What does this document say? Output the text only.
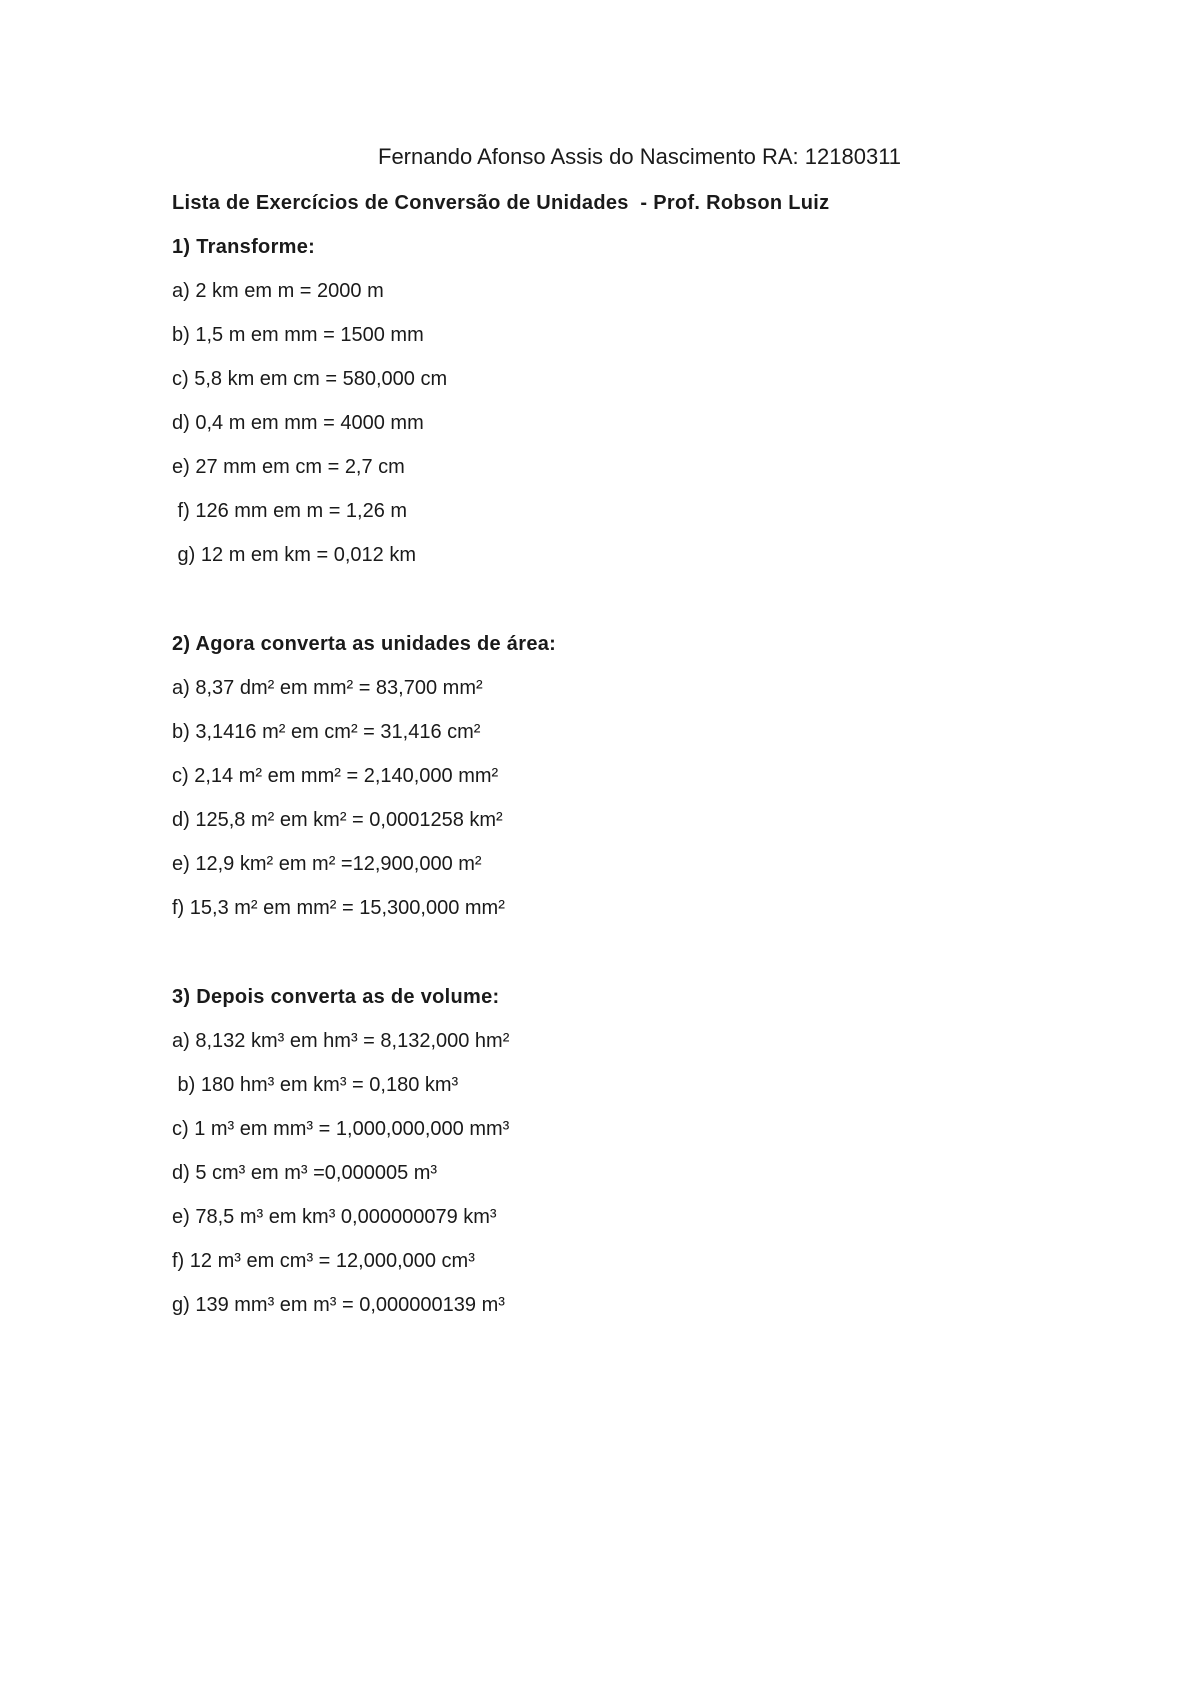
Fernando Afonso Assis do Nascimento RA: 12180311
Lista de Exercícios de Conversão de Unidades  - Prof. Robson Luiz
1) Transforme:
a) 2 km em m = 2000 m
b) 1,5 m em mm = 1500 mm
c) 5,8 km em cm = 580,000 cm
d) 0,4 m em mm = 4000 mm
e) 27 mm em cm = 2,7 cm
f) 126 mm em m = 1,26 m
g) 12 m em km = 0,012 km
2) Agora converta as unidades de área:
a) 8,37 dm² em mm² = 83,700 mm²
b) 3,1416 m² em cm² = 31,416 cm²
c) 2,14 m² em mm² = 2,140,000 mm²
d) 125,8 m² em km² = 0,0001258 km²
e) 12,9 km² em m² =12,900,000 m²
f) 15,3 m² em mm² = 15,300,000 mm²
3) Depois converta as de volume:
a) 8,132 km³ em hm³ = 8,132,000 hm²
b) 180 hm³ em km³ = 0,180 km³
c) 1 m³ em mm³ = 1,000,000,000 mm³
d) 5 cm³ em m³ =0,000005 m³
e) 78,5 m³ em km³ 0,000000079 km³
f) 12 m³ em cm³ = 12,000,000 cm³
g) 139 mm³ em m³ = 0,000000139 m³
